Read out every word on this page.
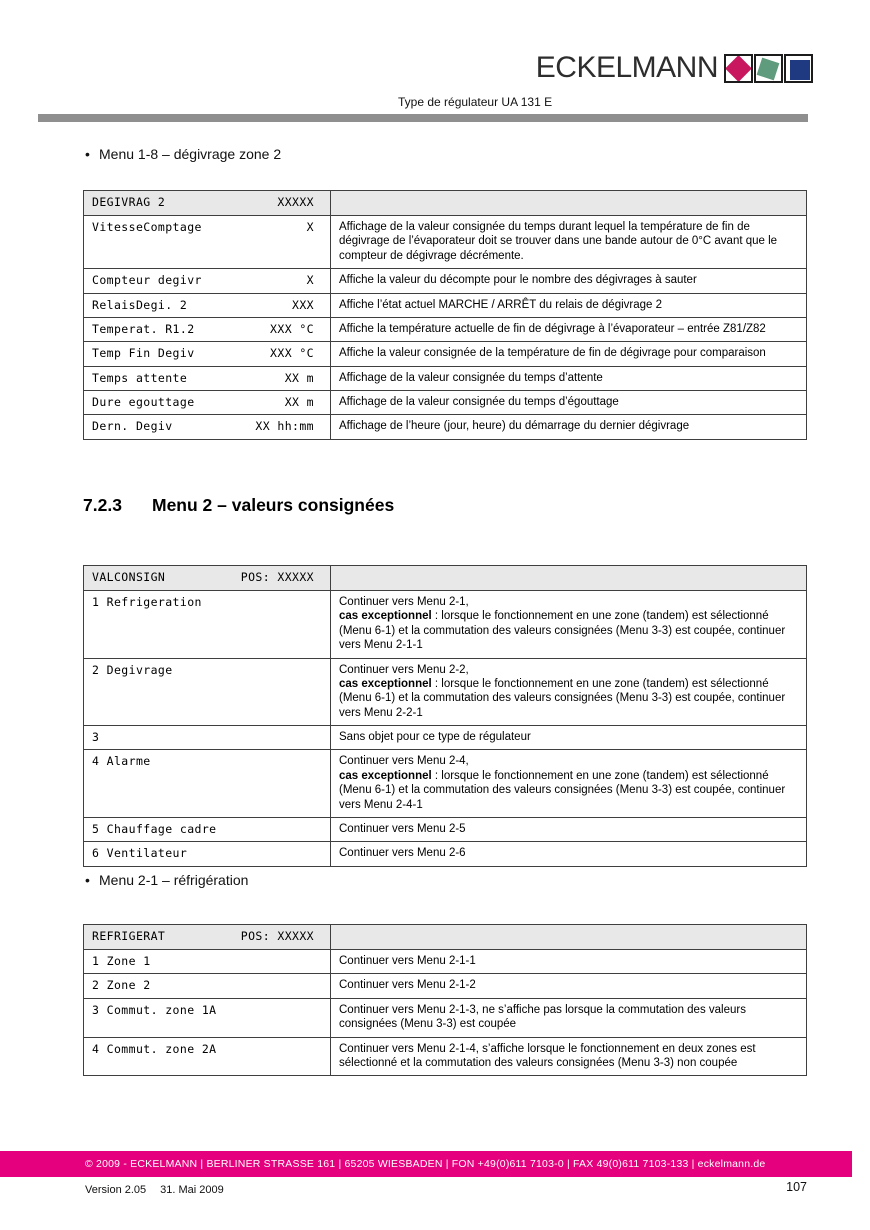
ECKELMANN
Type de régulateur UA 131 E
• Menu 1-8 – dégivrage zone 2
DEGIVRAG 2 XXXXX	

VitesseComptage X	Affichage de la valeur consignée du temps durant lequel la température de fin de dégivrage de l’évaporateur doit se trouver dans une bande autour de 0°C avant que le compteur de dégivrage décrémente.

Compteur degivr X	Affiche la valeur du décompte pour le nombre des dégivrages à sauter

RelaisDegi. 2 XXX	Affiche l’état actuel MARCHE / ARRÊT du relais de dégivrage 2

Temperat. R1.2 XXX °C	Affiche la température actuelle de fin de dégivrage à l’évaporateur – entrée Z81/Z82

Temp Fin Degiv XXX °C	Affiche la valeur consignée de la température de fin de dégivrage pour comparaison

Temps attente XX m	Affichage de la valeur consignée du temps d’attente

Dure egouttage XX m	Affichage de la valeur consignée du temps d’égouttage

Dern. Degiv XX hh:mm	Affichage de l’heure (jour, heure) du démarrage du dernier dégivrage
7.2.3 Menu 2 – valeurs consignées
VALCONSIGN POS: XXXXX	

1 Refrigeration	Continuer vers Menu 2-1,
cas exceptionnel : lorsque le fonctionnement en une zone (tandem) est sélectionné (Menu 6-1) et la commutation des valeurs consignées (Menu 3-3) est coupée, continuer vers Menu 2-1-1
2 Degivrage	Continuer vers Menu 2-2,
cas exceptionnel : lorsque le fonctionnement en une zone (tandem) est sélectionné (Menu 6-1) et la commutation des valeurs consignées (Menu 3-3) est coupée, continuer vers Menu 2-2-1
3	Sans objet pour ce type de régulateur
4 Alarme	Continuer vers Menu 2-4,
cas exceptionnel : lorsque le fonctionnement en une zone (tandem) est sélectionné (Menu 6-1) et la commutation des valeurs consignées (Menu 3-3) est coupée, continuer vers Menu 2-4-1
5 Chauffage cadre	Continuer vers Menu 2-5
6 Ventilateur	Continuer vers Menu 2-6
• Menu 2-1 – réfrigération
REFRIGERAT POS: XXXXX	

1 Zone 1	Continuer vers Menu 2-1-1
2 Zone 2	Continuer vers Menu 2-1-2
3 Commut. zone 1A	Continuer vers Menu 2-1-3, ne s’affiche pas lorsque la commutation des valeurs consignées (Menu 3-3) est coupée
4 Commut. zone 2A	Continuer vers Menu 2-1-4, s’affiche lorsque le fonctionnement en deux zones est sélectionné et la commutation des valeurs consignées (Menu 3-3) non coupée
© 2009 - ECKELMANN | BERLINER STRASSE 161 | 65205 WIESBADEN | FON +49(0)611 7103-0 | FAX 49(0)611 7103-133 | eckelmann.de
Version 2.05 31. Mai 2009	107
